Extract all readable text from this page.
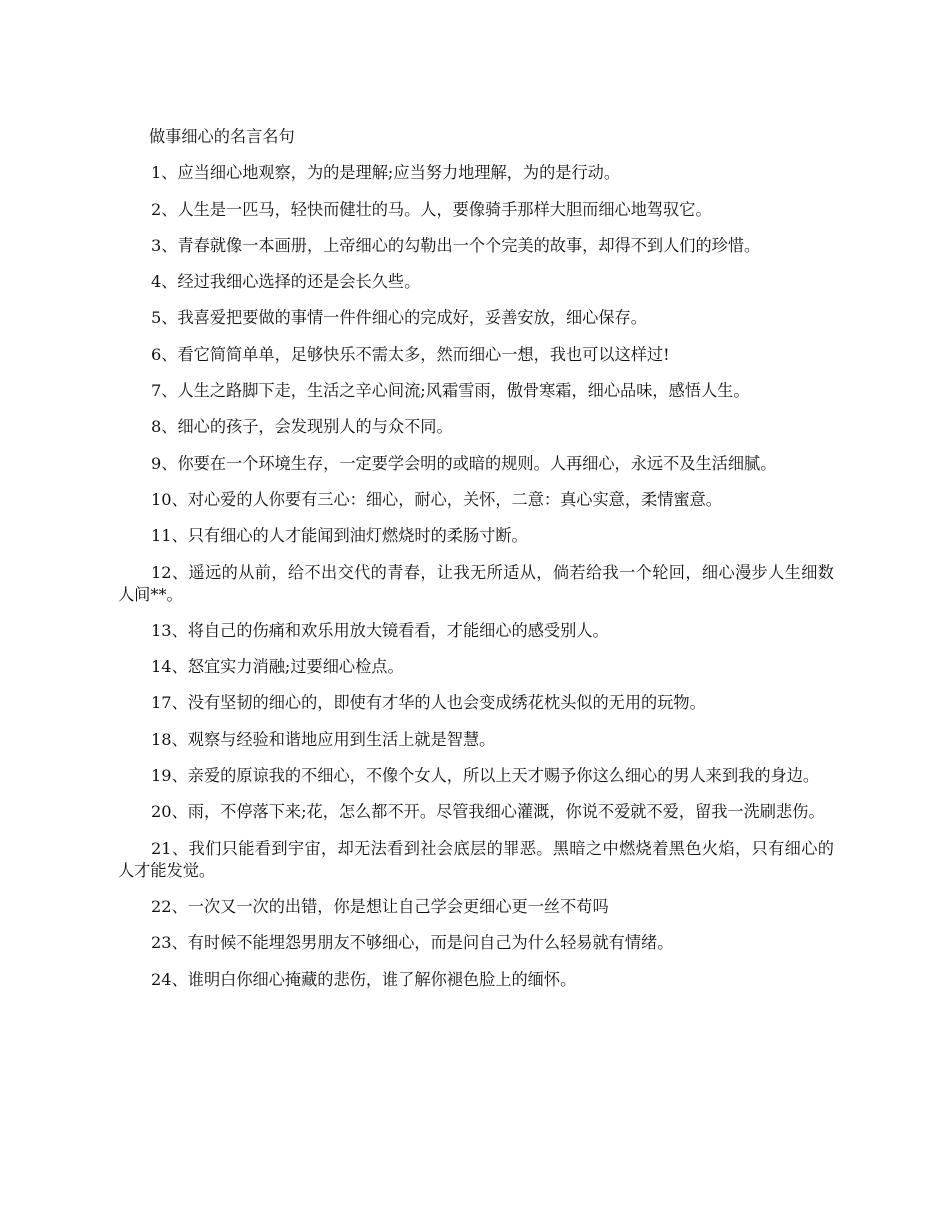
做事细心的名言名句
1、应当细心地观察，为的是理解;应当努力地理解，为的是行动。
2、人生是一匹马，轻快而健壮的马。人，要像骑手那样大胆而细心地驾驭它。
3、青春就像一本画册，上帝细心的勾勒出一个个完美的故事，却得不到人们的珍惜。
4、经过我细心选择的还是会长久些。
5、我喜爱把要做的事情一件件细心的完成好，妥善安放，细心保存。
6、看它简简单单，足够快乐不需太多，然而细心一想，我也可以这样过!
7、人生之路脚下走，生活之辛心间流;风霜雪雨，傲骨寒霜，细心品味，感悟人生。
8、细心的孩子，会发现别人的与众不同。
9、你要在一个环境生存，一定要学会明的或暗的规则。人再细心，永远不及生活细腻。
10、对心爱的人你要有三心：细心，耐心，关怀，二意：真心实意，柔情蜜意。
11、只有细心的人才能闻到油灯燃烧时的柔肠寸断。
12、遥远的从前，给不出交代的青春，让我无所适从，倘若给我一个轮回，细心漫步人生细数人间**。
13、将自己的伤痛和欢乐用放大镜看看，才能细心的感受别人。
14、怒宜实力消融;过要细心检点。
17、没有坚韧的细心的，即使有才华的人也会变成绣花枕头似的无用的玩物。
18、观察与经验和谐地应用到生活上就是智慧。
19、亲爱的原谅我的不细心，不像个女人，所以上天才赐予你这么细心的男人来到我的身边。
20、雨，不停落下来;花，怎么都不开。尽管我细心灌溉，你说不爱就不爱，留我一洗刷悲伤。
21、我们只能看到宇宙，却无法看到社会底层的罪恶。黑暗之中燃烧着黑色火焰，只有细心的人才能发觉。
22、一次又一次的出错，你是想让自己学会更细心更一丝不苟吗
23、有时候不能埋怨男朋友不够细心，而是问自己为什么轻易就有情绪。
24、谁明白你细心掩藏的悲伤，谁了解你褪色脸上的缅怀。
